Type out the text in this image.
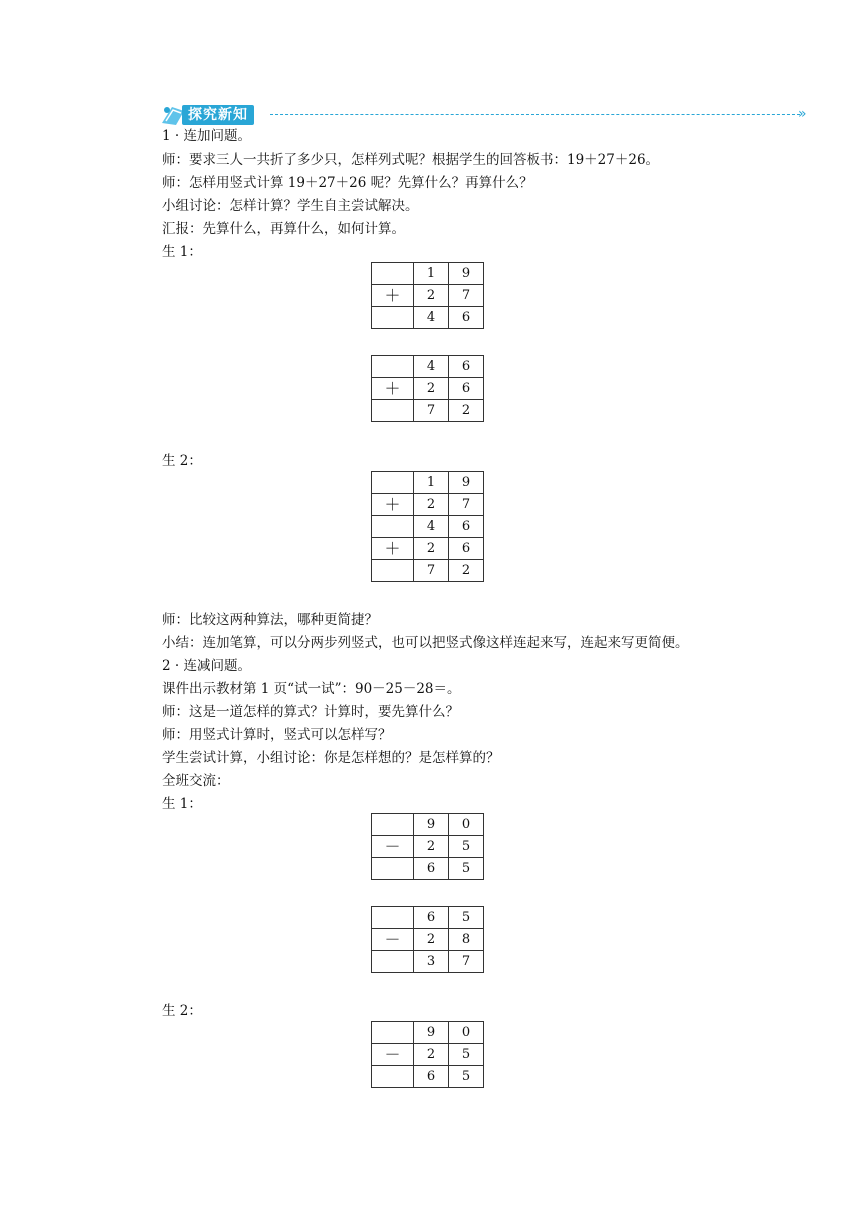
探究新知	»
1 · 连加问题。
师：要求三人一共折了多少只，怎样列式呢？根据学生的回答板书：19＋27＋26。
师：怎样用竖式计算 19＋27＋26 呢？先算什么？再算什么？
小组讨论：怎样计算？学生自主尝试解决。
汇报：先算什么，再算什么，如何计算。
生 1：
	1	9
＋	2	7
	4	6
	4	6
＋	2	6
	7	2
生 2：
	1	9
＋	2	7
	4	6
＋	2	6
	7	2
师：比较这两种算法，哪种更简捷？
小结：连加笔算，可以分两步列竖式，也可以把竖式像这样连起来写，连起来写更简便。
2 · 连减问题。
课件出示教材第 1 页“试一试”：90－25－28＝。
师：这是一道怎样的算式？计算时，要先算什么？
师：用竖式计算时，竖式可以怎样写？
学生尝试计算，小组讨论：你是怎样想的？是怎样算的？
全班交流：
生 1：
	9	0
－	2	5
	6	5
	6	5
－	2	8
	3	7
生 2：
	9	0
－	2	5
	6	5
